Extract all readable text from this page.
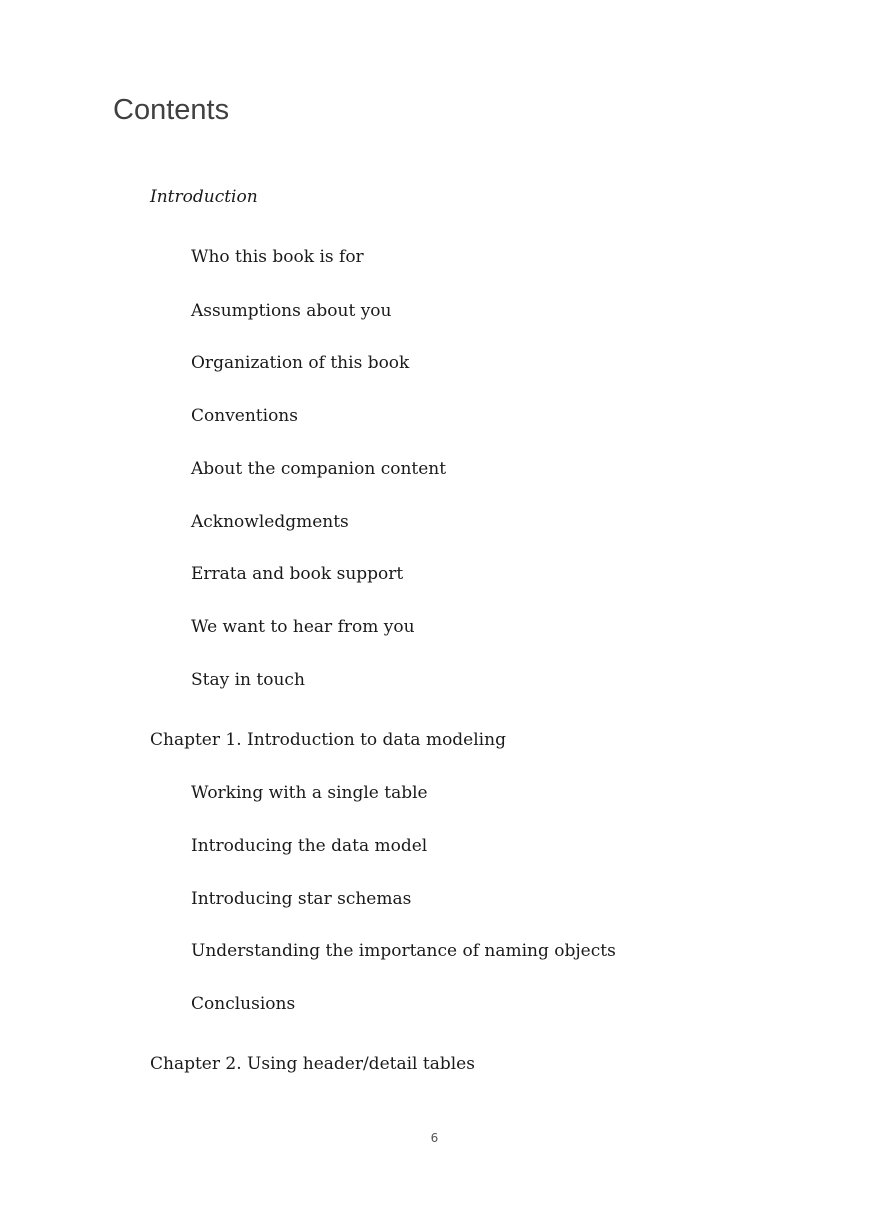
Contents
Introduction
Who this book is for
Assumptions about you
Organization of this book
Conventions
About the companion content
Acknowledgments
Errata and book support
We want to hear from you
Stay in touch
Chapter 1. Introduction to data modeling
Working with a single table
Introducing the data model
Introducing star schemas
Understanding the importance of naming objects
Conclusions
Chapter 2. Using header/detail tables
6
